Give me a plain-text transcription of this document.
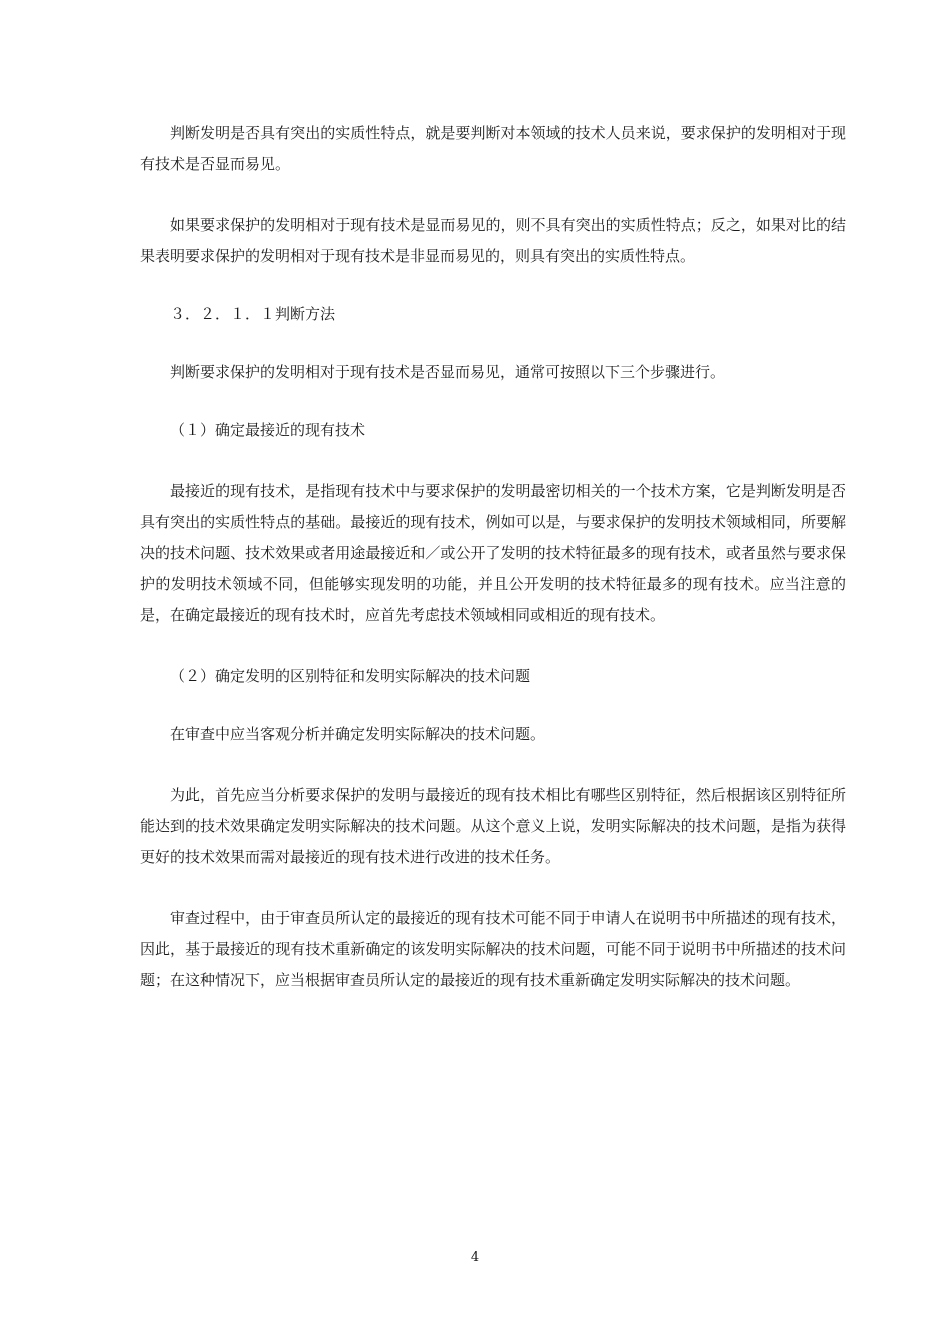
判断发明是否具有突出的实质性特点，就是要判断对本领域的技术人员来说，要求保护的发明相对于现有技术是否显而易见。

如果要求保护的发明相对于现有技术是显而易见的，则不具有突出的实质性特点；反之，如果对比的结果表明要求保护的发明相对于现有技术是非显而易见的，则具有突出的实质性特点。

３．２．１．１判断方法

判断要求保护的发明相对于现有技术是否显而易见，通常可按照以下三个步骤进行。

（１）确定最接近的现有技术

最接近的现有技术，是指现有技术中与要求保护的发明最密切相关的一个技术方案，它是判断发明是否具有突出的实质性特点的基础。最接近的现有技术，例如可以是，与要求保护的发明技术领域相同，所要解决的技术问题、技术效果或者用途最接近和／或公开了发明的技术特征最多的现有技术，或者虽然与要求保护的发明技术领域不同，但能够实现发明的功能，并且公开发明的技术特征最多的现有技术。应当注意的是，在确定最接近的现有技术时，应首先考虑技术领域相同或相近的现有技术。

（２）确定发明的区别特征和发明实际解决的技术问题

在审查中应当客观分析并确定发明实际解决的技术问题。

为此，首先应当分析要求保护的发明与最接近的现有技术相比有哪些区别特征，然后根据该区别特征所能达到的技术效果确定发明实际解决的技术问题。从这个意义上说，发明实际解决的技术问题，是指为获得更好的技术效果而需对最接近的现有技术进行改进的技术任务。

审查过程中，由于审查员所认定的最接近的现有技术可能不同于申请人在说明书中所描述的现有技术，因此，基于最接近的现有技术重新确定的该发明实际解决的技术问题，可能不同于说明书中所描述的技术问题；在这种情况下，应当根据审查员所认定的最接近的现有技术重新确定发明实际解决的技术问题。

4
